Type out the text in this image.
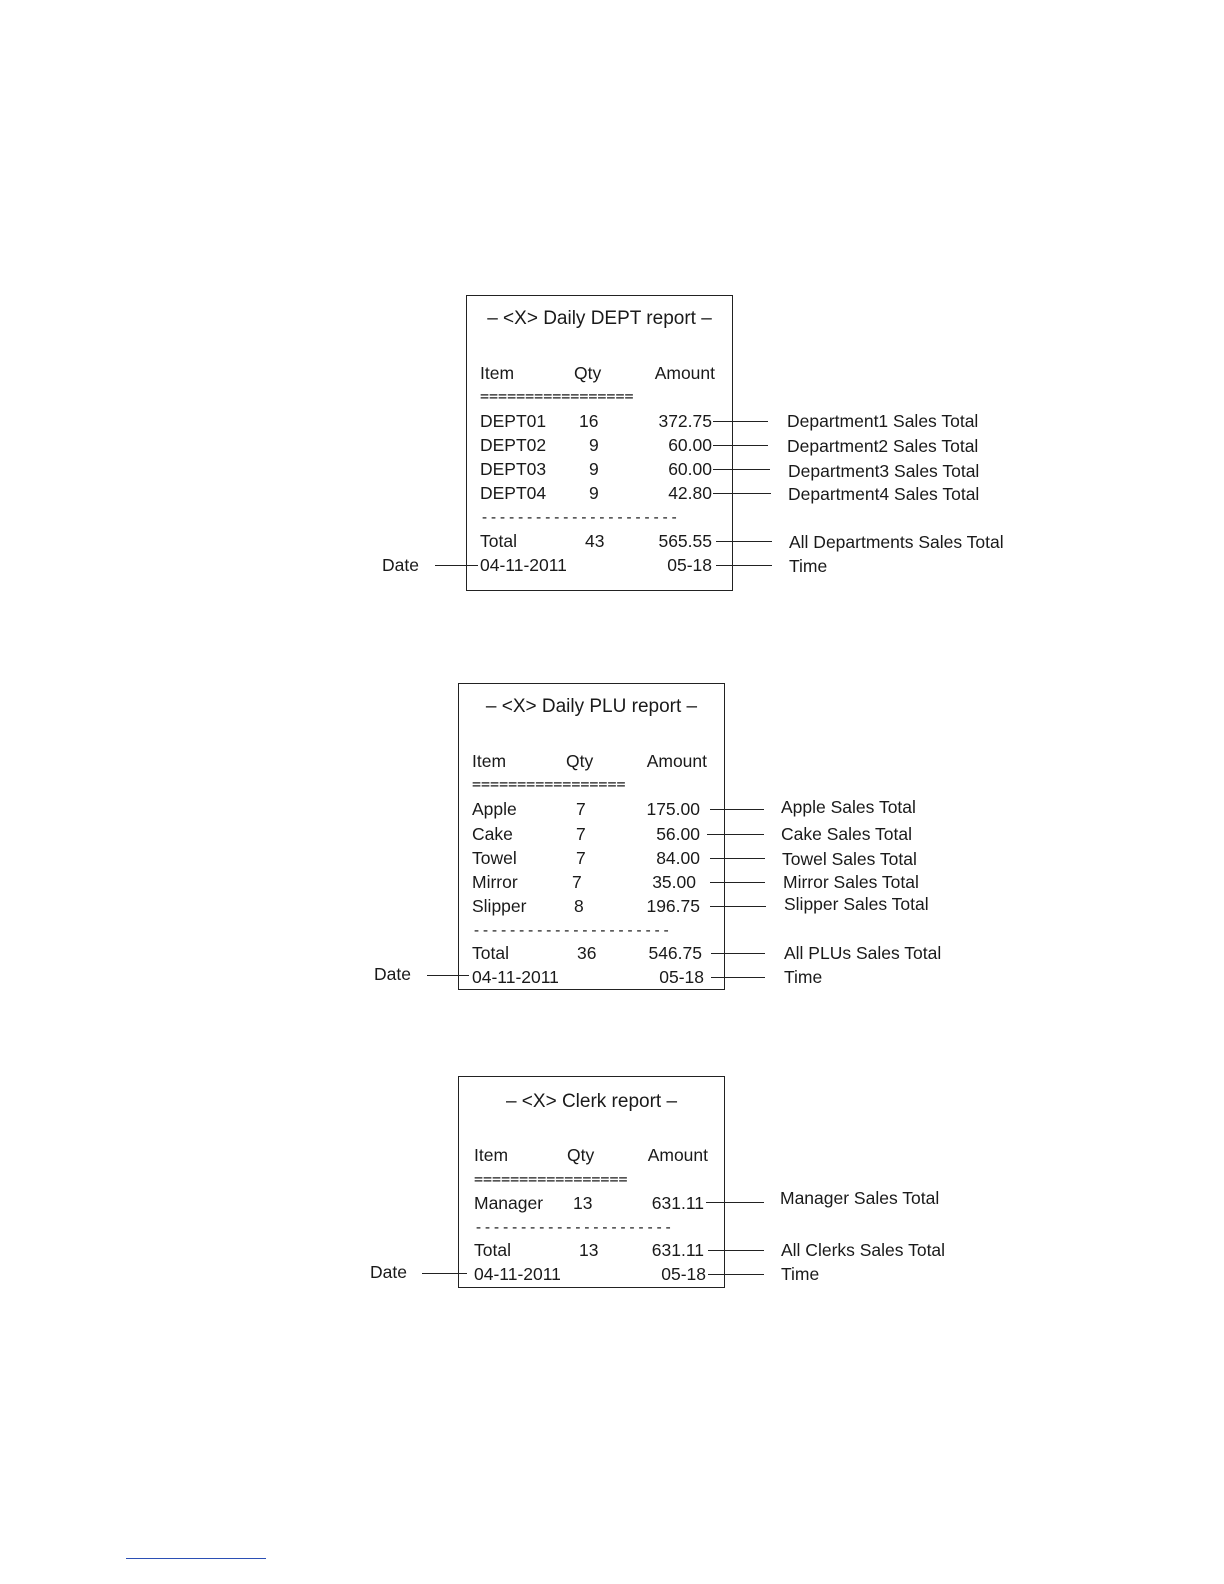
– <X> Daily DEPT report –
Item	Qty	Amount
=================
DEPT01 16	372.75
DEPT02 9	60.00
DEPT03 9	60.00
DEPT04 9	42.80
----------------------
Total	43	565.55
04-11-2011	05-18
Department1 Sales Total
Department2 Sales Total
Department3 Sales Total
Department4 Sales Total
All Departments Sales Total
Time
Date
– <X> Daily PLU report –
Item	Qty	Amount
=================
Apple	7	175.00
Cake	7	56.00
Towel	7	84.00
Mirror	7	35.00
Slipper	8	196.75
----------------------
Total	36	546.75
04-11-2011	05-18
Apple Sales Total
Cake Sales Total
Towel Sales Total
Mirror Sales Total
Slipper Sales Total
All PLUs Sales Total
Time
Date
– <X> Clerk report –
Item	Qty	Amount
=================
Manager 13	631.11
----------------------
Total	13	631.11
04-11-2011	05-18
Manager Sales Total
All Clerks Sales Total
Time
Date
